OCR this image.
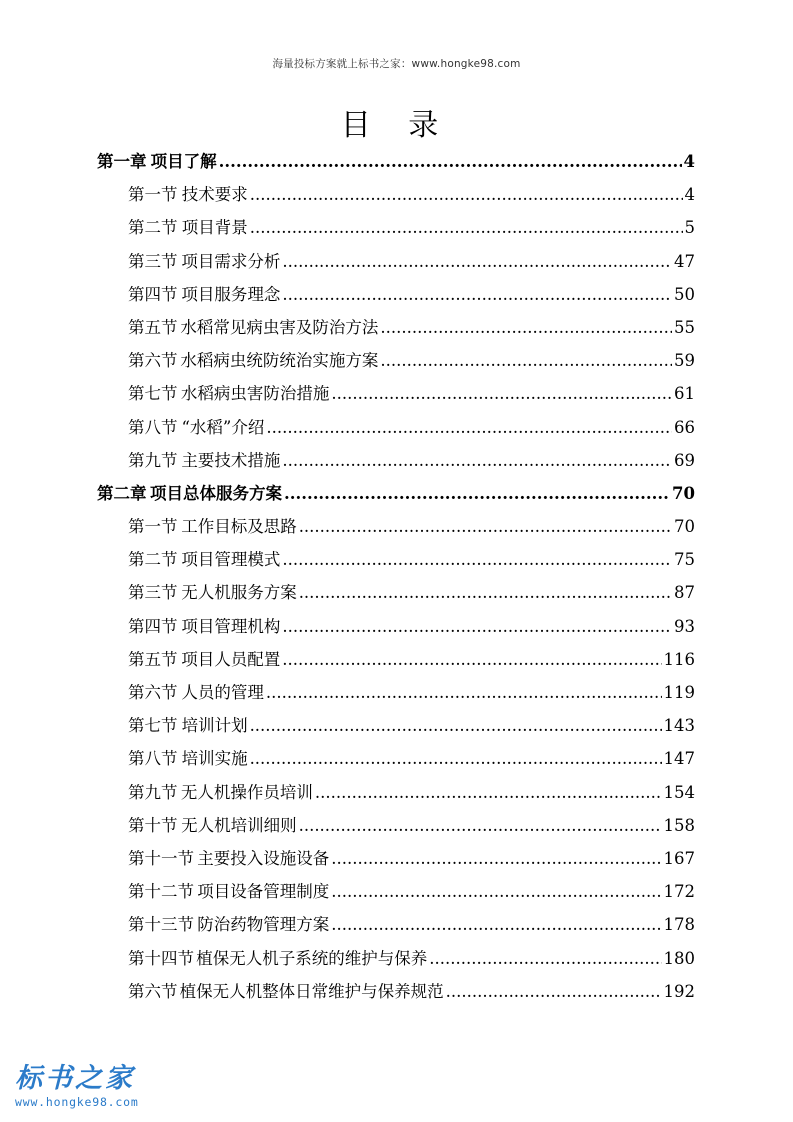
海量投标方案就上标书之家：www.hongke98.com
目 录
第一章 项目了解 .....	4
第一节 技术要求 .....	4
第二节 项目背景 .....	5
第三节 项目需求分析 .....	47
第四节 项目服务理念 .....	50
第五节 水稻常见病虫害及防治方法 .....	55
第六节 水稻病虫统防统治实施方案 .....	59
第七节 水稻病虫害防治措施 .....	61
第八节 “水稻”介绍 .....	66
第九节 主要技术措施 .....	69
第二章 项目总体服务方案 .....	70
第一节 工作目标及思路 .....	70
第二节 项目管理模式 .....	75
第三节 无人机服务方案 .....	87
第四节 项目管理机构 .....	93
第五节 项目人员配置 .....	116
第六节 人员的管理 .....	119
第七节 培训计划 .....	143
第八节 培训实施 .....	147
第九节 无人机操作员培训 .....	154
第十节 无人机培训细则 .....	158
第十一节 主要投入设施设备 .....	167
第十二节 项目设备管理制度 .....	172
第十三节 防治药物管理方案 .....	178
第十四节 植保无人机子系统的维护与保养 .....	180
第六节 植保无人机整体日常维护与保养规范 .....	192
标书之家
www.hongke98.com
